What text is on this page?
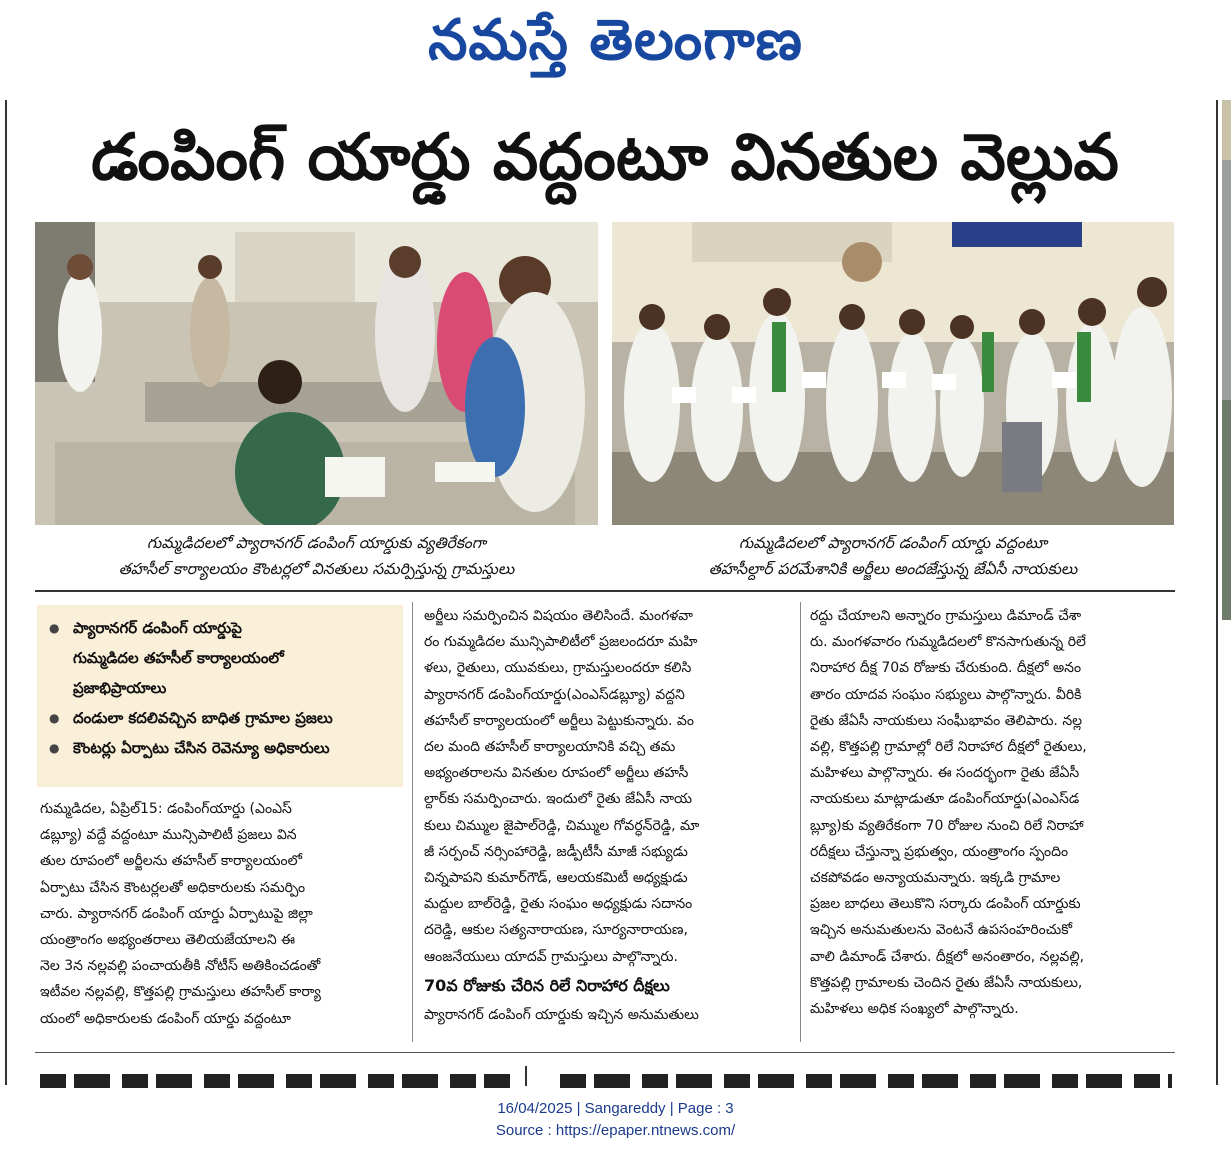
నమస్తే తెలంగాణ
డంపింగ్ యార్డు వద్దంటూ వినతుల వెల్లువ
గుమ్మడిదలలో ప్యారానగర్ డంపింగ్ యార్డుకు వ్యతిరేకంగా
తహసీల్ కార్యాలయం కౌంటర్లలో వినతులు సమర్పిస్తున్న గ్రామస్తులు
గుమ్మడిదలలో ప్యారానగర్ డంపింగ్ యార్డు వద్దంటూ
తహసీల్దార్ పరమేశానికి అర్జీలు అందజేస్తున్న జేఏసీ నాయకులు
● ప్యారానగర్ డంపింగ్ యార్డుపై
గుమ్మడిదల తహసీల్ కార్యాలయంలో
ప్రజాభిప్రాయాలు
● దండులా కదలివచ్చిన బాధిత గ్రామాల ప్రజలు
● కౌంటర్లు ఏర్పాటు చేసిన రెవెన్యూ అధికారులు

గుమ్మడిదల, ఏప్రిల్15: డంపింగ్‌యార్డు (ఎంఎస్

డబ్ల్యూ) వద్దే వద్దంటూ మున్సిపాలిటీ ప్రజలు విన

తుల రూపంలో అర్జీలను తహసీల్ కార్యాలయంలో

ఏర్పాటు చేసిన కౌంటర్లలతో అధికారులకు సమర్పిం

చారు. ప్యారానగర్ డంపింగ్ యార్డు ఏర్పాటుపై జిల్లా

యంత్రాంగం అభ్యంతరాలు తెలియజేయాలని ఈ

నెల 3న నల్లవల్లి పంచాయతీకి నోటీస్ అతికించడంతో

ఇటీవల నల్లవల్లి, కొత్తపల్లి గ్రామస్తులు తహసీల్ కార్యా

యంలో అధికారులకు డంపింగ్ యార్డు వద్దంటూ

అర్జీలు సమర్పించిన విషయం తెలిసిందే. మంగళవా

రం గుమ్మడిదల మున్సిపాలిటీలో ప్రజలందరూ మహి

ళలు, రైతులు, యువకులు, గ్రామస్తులందరూ కలిసి

ప్యారానగర్ డంపింగ్‌యార్డు(ఎంఎస్‌డబ్ల్యూ) వద్దని

తహసీల్ కార్యాలయంలో అర్జీలు పెట్టుకున్నారు. వం

దల మంది తహసీల్ కార్యాలయానికి వచ్చి తమ

అభ్యంతరాలను వినతుల రూపంలో అర్జీలు తహసీ

ల్దార్‌కు సమర్పించారు. ఇందులో రైతు జేఏసీ నాయ

కులు చిమ్ముల జైపాల్‌రెడ్డి, చిమ్ముల గోవర్ధన్‌రెడ్డి, మా

జీ సర్పంచ్ నర్సింహారెడ్డి, జడ్పీటీసీ మాజీ సభ్యుడు

చిన్నపాపని కుమార్‌గౌడ్, ఆలయకమిటీ అధ్యక్షుడు

మద్దుల బాల్‌రెడ్డి, రైతు సంఘం అధ్యక్షుడు సదానం

దరెడ్డి, ఆకుల సత్యనారాయణ, సూర్యనారాయణ,

ఆంజనేయులు యాదవ్ గ్రామస్తులు పాల్గొన్నారు.

70వ రోజుకు చేరిన రిలే నిరాహార దీక్షలు

ప్యారానగర్ డంపింగ్ యార్డుకు ఇచ్చిన అనుమతులు

రద్దు చేయాలని అన్నారం గ్రామస్తులు డిమాండ్ చేశా

రు. మంగళవారం గుమ్మడిదలలో కొనసాగుతున్న రిలే

నిరాహార దీక్ష 70వ రోజుకు చేరుకుంది. దీక్షలో అనం

తారం యాదవ సంఘం సభ్యులు పాల్గొన్నారు. వీరికి

రైతు జేఏసీ నాయకులు సంఘీభావం తెలిపారు. నల్ల

వల్లి, కొత్తపల్లి గ్రామాల్లో రిలే నిరాహార దీక్షలో రైతులు,

మహిళలు పాల్గొన్నారు. ఈ సందర్భంగా రైతు జేఏసీ

నాయకులు మాట్లాడుతూ డంపింగ్‌యార్డు(ఎంఎస్‌డ

బ్ల్యూ)కు వ్యతిరేకంగా 70 రోజుల నుంచి రిలే నిరాహా

రదీక్షలు చేస్తున్నా ప్రభుత్వం, యంత్రాంగం స్పందిం

చకపోవడం అన్యాయమన్నారు. ఇక్కడి గ్రామాల

ప్రజల బాధలు తెలుకొని సర్కారు డంపింగ్ యార్డుకు

ఇచ్చిన అనుమతులను వెంటనే ఉపసంహరించుకో

వాలి డిమాండ్ చేశారు. దీక్షలో అనంతారం, నల్లవల్లి,

కొత్తపల్లి గ్రామాలకు చెందిన రైతు జేఏసీ నాయకులు,

మహిళలు అధిక సంఖ్యలో పాల్గొన్నారు.

16/04/2025 | Sangareddy | Page : 3
Source : https://epaper.ntnews.com/
